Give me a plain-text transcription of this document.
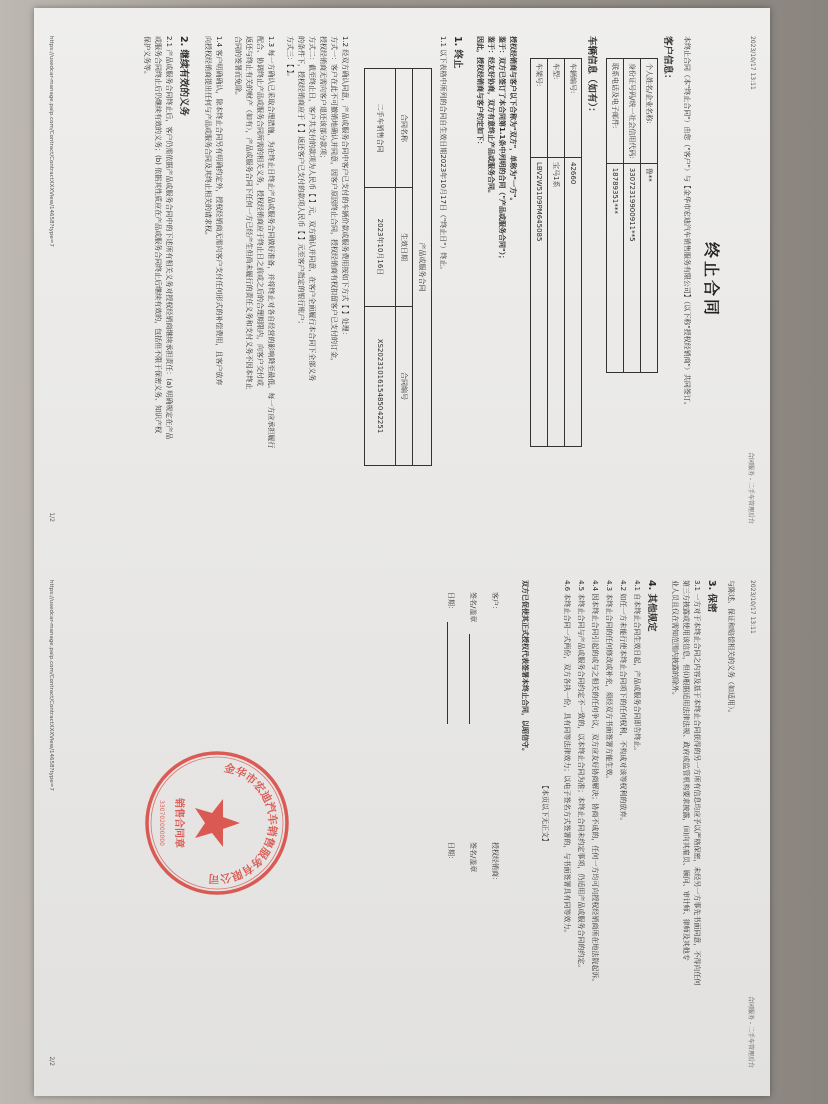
2023/10/17 13:11
合同服务 - 二手车管理后台
终止合同
本终止合同（本"终止合同"）由您（"客户"）与【金华市宏迪汽车销售服务有限公司】（以下称"授权经销商"）共同签订。
客户信息：
个人姓名/企业名称:	鲁**
身份证号码/统一社会信用代码:	33072319900911**5
联系电话及电子邮件:	18789351***
车辆信息（如有）：
车辆编号:	42660
车型:	宝马1系
车架号:	LBV2W5109PM645085
授权经销商与客户以下合称为"双方"，单称为"一方"。
鉴于：双方已签订了本合同第1.1条中列明的合同（"产品或服务合同"）；
鉴于：经友好协商，双方有意终止产品或服务合同。
因此，授权经销商与客户约定如下：
1. 终止
1.1 以下表格中所列的合同自生效日期2023年10月17日（"终止日"）终止。
产品或服务合同		
合同名称	生效日期	合同编号
二手车销售合同	2023年10月16日	XS20231016154850 42251
1.2 经双方确认同意，产品或服务合同中客户已支付的车辆价款或服务费用按如下方式【 】处理：
方式一：客户在此不可撤销地确认并同意，因客户原因终止合同，授权经销商有权扣留客户已支付的订金，
授权经销商无需向客户退还该部分款项；
方式二：截至终止日，客户共支付的款项为人民币【 】元，双方确认并同意，在客户全面履行本合同下全部义务
的条件下，授权经销商应于【 】返还客户已支付的款项人民币【 】元至客户指定的银行账户；
方式三：【 】。
1.3 每一方确认已采取合理措施，为在终止日终止产品或服务合同做好准备，并将终止对各自经营的影响降至最低。每一方应承担履行
配合、协调终止产品或服务合同所需的相关义务，授权经销商应于终止日之前或之后的合理期限内，向客户交付或
返还与终止有关的财产（如有），产品或服务合同下任何一方已经产生但尚未履行的责任义务和支付义务不因本终止
合同的签署而免除。
1.4 客户明确确认，除本终止合同另有明确约定外，授权经销商无需向客户支付任何形式的补偿费用，且客户放弃
向授权经销商提出任何与产品或服务合同及其终止相关的请求权。
2. 继续有效的义务
2.1 产品或服务合同终止后，客户仍需依据产品或服务合同中的下述所有相关义务对授权经销商继续承担责任：(a) 明确规定在产品
或服务合同终止后仍继续有效的义务；(b) 依据其性质应在产品或服务合同终止后继续有效的，包括但不限于保密义务、知识产权
保护义务等。
https://usedcar-manage.paip.com/Contract/ContractXXXView/14658?type=7
1/2
2023/10/17 13:11
合同服务 - 二手车管理后台
与陈述、保证和赔偿相关的义务（如适用）。
3. 保密
3.1 一方对于本终止合同之内容及基于本终止合同获得的另一方所有信息均应予以严格保密，未经另一方事先书面同意，不得向任何
第三方披露或使用该信息，但(i)根据适用法律法规、政府或监管机构要求披露，(ii)向其雇员、顾问、审计师、律师及其他专
业人员且仅在需知范围内披露的除外。
4. 其他规定
4.1 自本终止合同生效日起，产品或服务合同即告终止。
4.2 如任一方未能行使本终止合同项下的任何权利，不构成对该等权利的放弃。
4.3 本终止合同的任何修改或补充，须经双方书面签署方能生效。
4.4 因本终止合同引起的或与之相关的任何争议，双方应友好协商解决；协商不成的，任何一方均可向授权经销商所在地法院起诉。
4.5 本终止合同与产品或服务合同约定不一致的，以本终止合同为准；本终止合同未约定事项，仍适用产品或服务合同的约定。
4.6 本终止合同一式两份，双方各执一份，具有同等法律效力；以电子签名方式签署的，与书面签署具有同等效力。
【本页以下无正文】
双方已促使其正式授权代表签署本终止合同，以昭信守。
客户：
签名/盖章
日期：
授权经销商：
签名/盖章
日期：
https://usedcar-manage.paip.com/Contract/ContractXXXView/14658?type=7
2/2
金华市宏迪汽车销售服务有限公司
销售合同章
330702000000
